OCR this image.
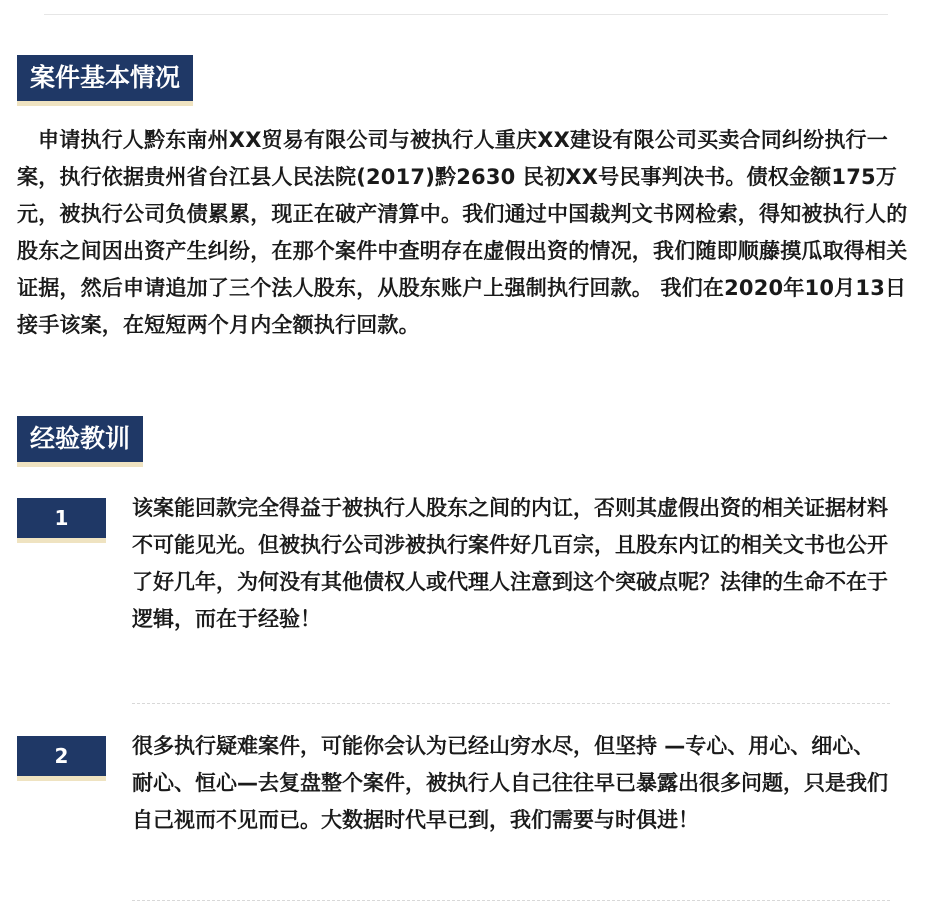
案件基本情况

申请执行人黔东南州XX贸易有限公司与被执行人重庆XX建设有限公司买卖合同纠纷执行一案，执行依据贵州省台江县人民法院(2017)黔2630 民初XX号民事判决书。债权金额175万元，被执行公司负债累累，现正在破产清算中。我们通过中国裁判文书网检索，得知被执行人的股东之间因出资产生纠纷，在那个案件中查明存在虚假出资的情况，我们随即顺藤摸瓜取得相关证据，然后申请追加了三个法人股东，从股东账户上强制执行回款。 我们在2020年10月13日接手该案，在短短两个月内全额执行回款。

经验教训
1	该案能回款完全得益于被执行人股东之间的内讧，否则其虚假出资的相关证据材料不可能见光。但被执行公司涉被执行案件好几百宗，且股东内讧的相关文书也公开了好几年，为何没有其他债权人或代理人注意到这个突破点呢？法律的生命不在于逻辑，而在于经验！

2	很多执行疑难案件，可能你会认为已经山穷水尽，但坚持 —专心、用心、细心、耐心、恒心—去复盘整个案件，被执行人自己往往早已暴露出很多问题，只是我们自己视而不见而已。大数据时代早已到，我们需要与时俱进！
